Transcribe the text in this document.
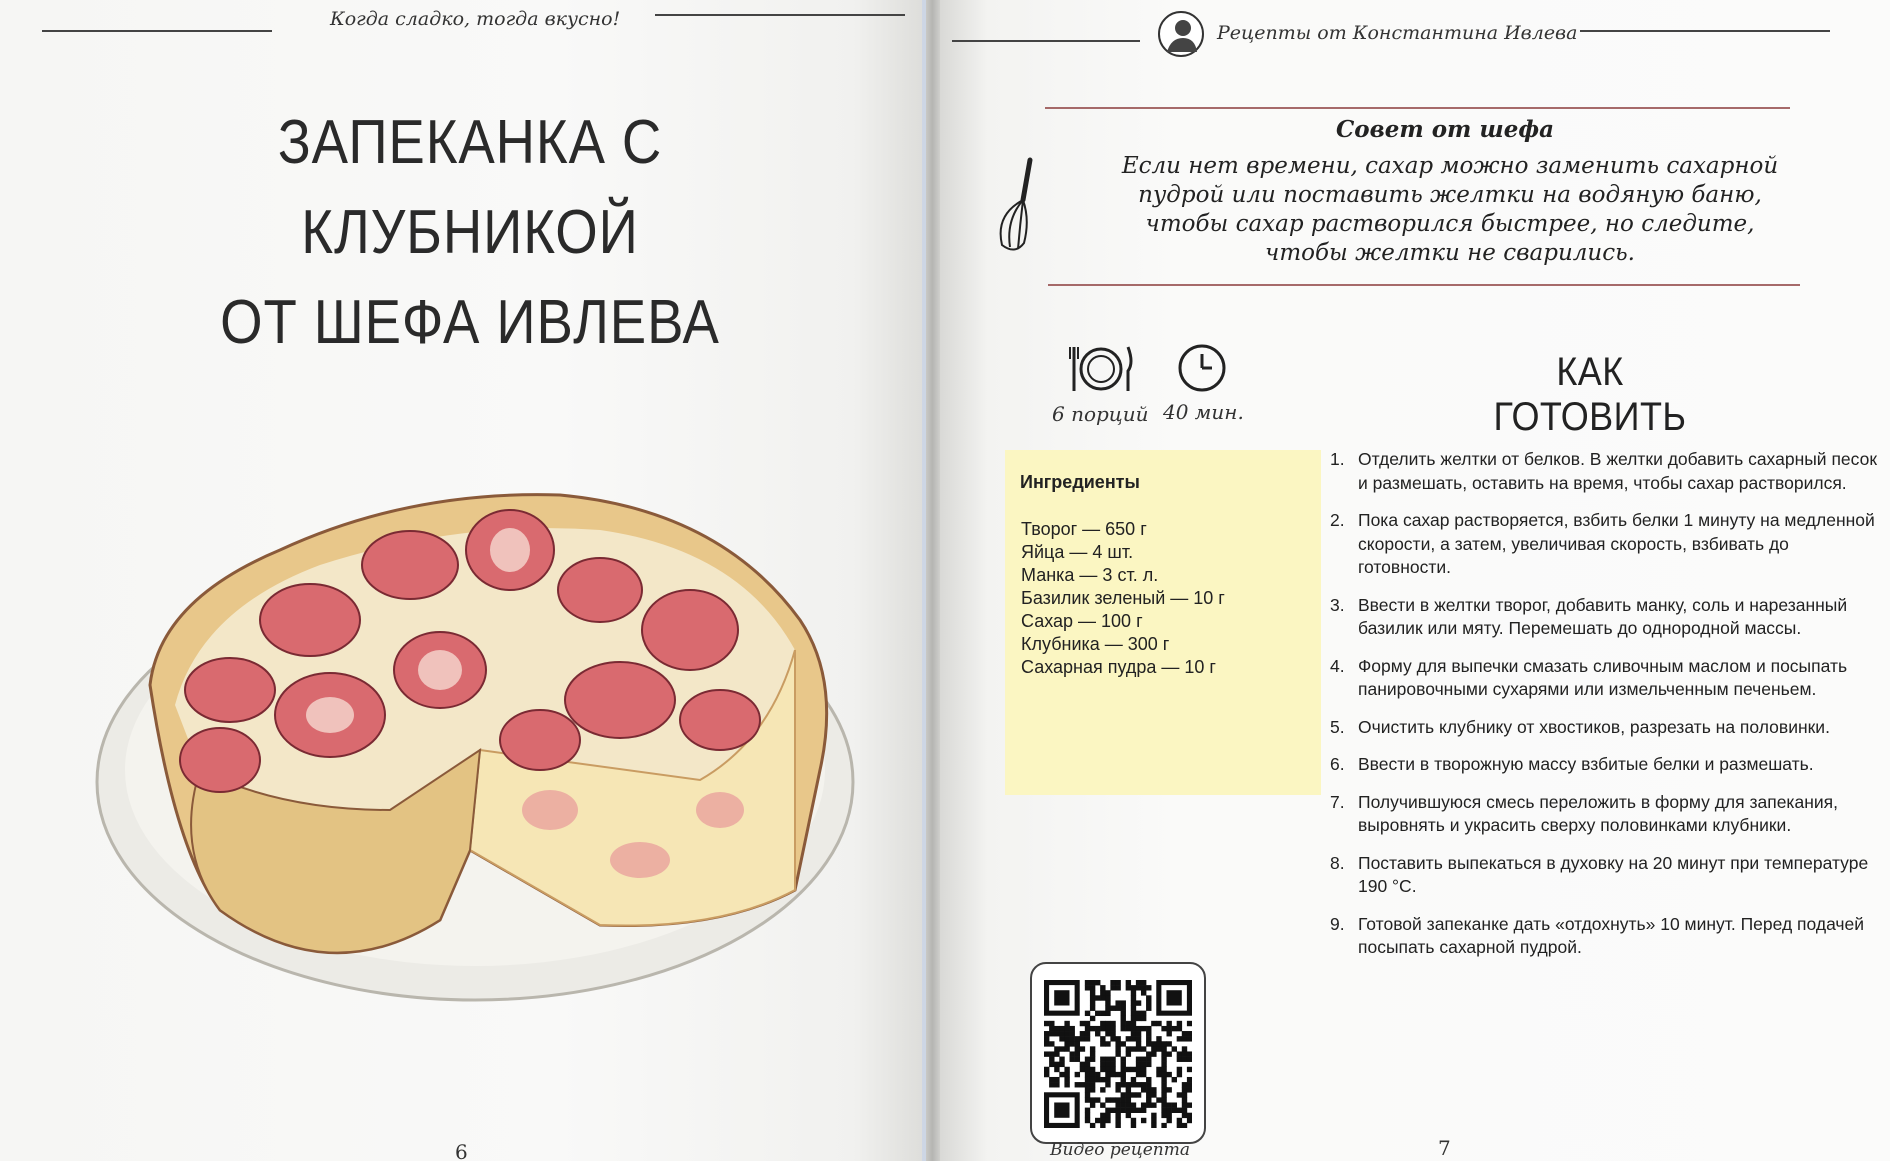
Когда сладко, тогда вкусно!
ЗАПЕКАНКА С КЛУБНИКОЙ
ОТ ШЕФА ИВЛЕВА
6
Рецепты от Константина Ивлева
Совет от шефа
Если нет времени, сахар можно заменить сахарной
пудрой или поставить желтки на водяную баню,
чтобы сахар растворился быстрее, но следите,
чтобы желтки не сварились.
6 порций 40 мин.
КАК ГОТОВИТЬ
Ингредиенты
Творог — 650 г
Яйца — 4 шт.
Манка — 3 ст. л.
Базилик зеленый — 10 г
Сахар — 100 г
Клубника — 300 г
Сахарная пудра — 10 г
1. Отделить желтки от белков. В желтки добавить сахарный песок и размешать, оставить на время, чтобы сахар растворился.
2. Пока сахар растворяется, взбить белки 1 минуту на медленной скорости, а затем, увеличивая скорость, взбивать до готовности.
3. Ввести в желтки творог, добавить манку, соль и нарезанный базилик или мяту. Перемешать до однородной массы.
4. Форму для выпечки смазать сливочным маслом и посыпать панировочными сухарями или измельченным печеньем.
5. Очистить клубнику от хвостиков, разрезать на половинки.
6. Ввести в творожную массу взбитые белки и размешать.
7. Получившуюся смесь переложить в форму для запекания, выровнять и украсить сверху половинками клубники.
8. Поставить выпекаться в духовку на 20 минут при температуре 190 °C.
9. Готовой запеканке дать «отдохнуть» 10 минут. Перед подачей посыпать сахарной пудрой.
Видео рецепта	7
